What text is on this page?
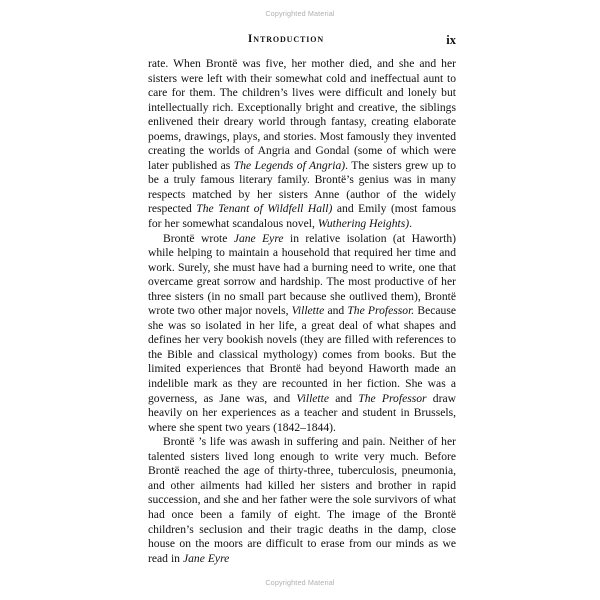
Copyrighted Material
Introduction	ix

rate. When Brontë was five, her mother died, and she and her sisters were left with their somewhat cold and ineffectual aunt to care for them. The children’s lives were difficult and lonely but intellectually rich. Exceptionally bright and creative, the siblings enlivened their dreary world through fantasy, creating elaborate poems, drawings, plays, and stories. Most famously they invented creating the worlds of Angria and Gondal (some of which were later published as The Legends of Angria). The sisters grew up to be a truly famous literary family. Brontë’s genius was in many respects matched by her sisters Anne (author of the widely respected The Tenant of Wildfell Hall) and Emily (most famous for her somewhat scandalous novel, Wuthering Heights).

Brontë wrote Jane Eyre in relative isolation (at Haworth) while helping to maintain a household that required her time and work. Surely, she must have had a burning need to write, one that overcame great sorrow and hardship. The most productive of her three sisters (in no small part because she outlived them), Brontë wrote two other major novels, Villette and The Professor. Because she was so isolated in her life, a great deal of what shapes and defines her very bookish novels (they are filled with references to the Bible and classical mythology) comes from books. But the limited experiences that Brontë had beyond Haworth made an indelible mark as they are recounted in her fiction. She was a governess, as Jane was, and Villette and The Professor draw heavily on her experiences as a teacher and student in Brussels, where she spent two years (1842–1844).

Brontë ’s life was awash in suffering and pain. Neither of her talented sisters lived long enough to write very much. Before Brontë reached the age of thirty-three, tuberculosis, pneumonia, and other ailments had killed her sisters and brother in rapid succession, and she and her father were the sole survivors of what had once been a family of eight. The image of the Brontë children’s seclusion and their tragic deaths in the damp, close house on the moors are difficult to erase from our minds as we read in Jane Eyre

Copyrighted Material
